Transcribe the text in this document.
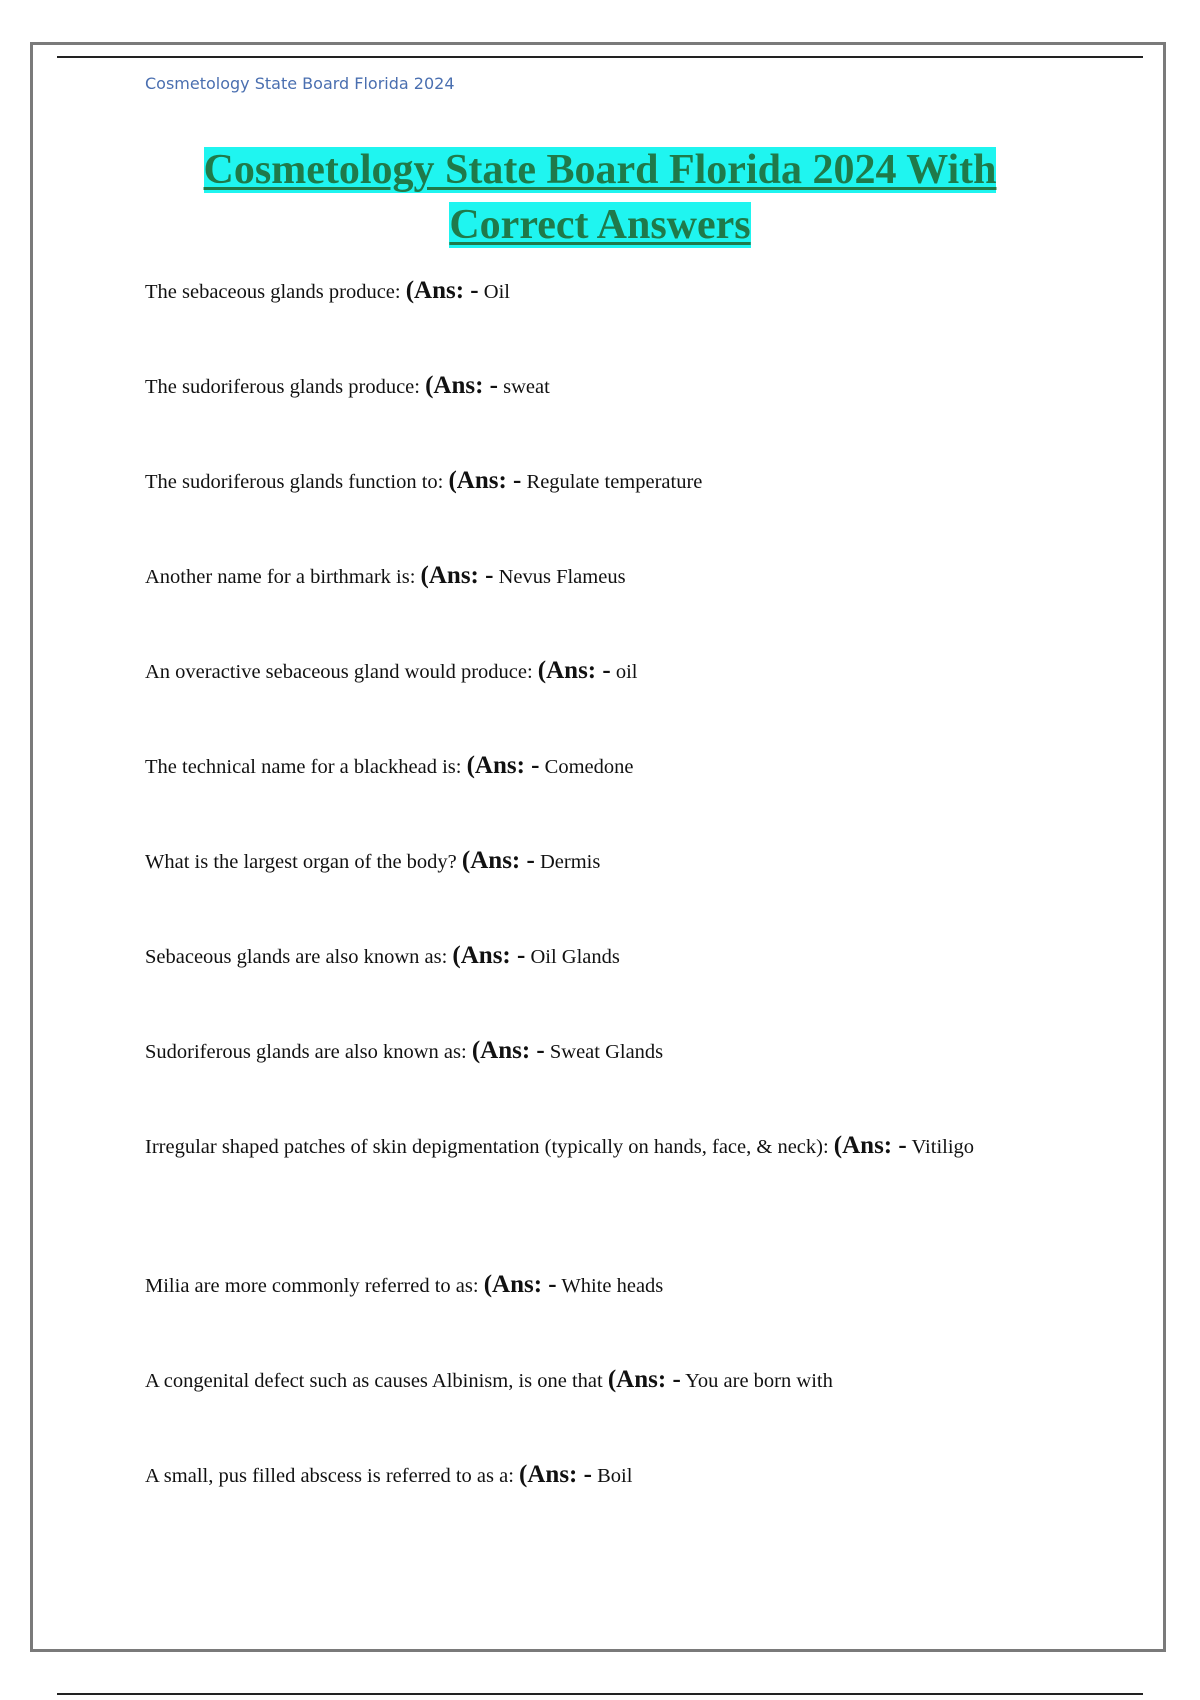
Cosmetology State Board Florida 2024
Cosmetology State Board Florida 2024 With
Correct Answers
The sebaceous glands produce: (Ans: - Oil
The sudoriferous glands produce: (Ans: - sweat
The sudoriferous glands function to: (Ans: - Regulate temperature
Another name for a birthmark is: (Ans: - Nevus Flameus
An overactive sebaceous gland would produce: (Ans: - oil
The technical name for a blackhead is: (Ans: - Comedone
What is the largest organ of the body? (Ans: - Dermis
Sebaceous glands are also known as: (Ans: - Oil Glands
Sudoriferous glands are also known as: (Ans: - Sweat Glands
Irregular shaped patches of skin depigmentation (typically on hands, face, & neck): (Ans: - Vitiligo
Milia are more commonly referred to as: (Ans: - White heads
A congenital defect such as causes Albinism, is one that (Ans: - You are born with
A small, pus filled abscess is referred to as a: (Ans: - Boil
